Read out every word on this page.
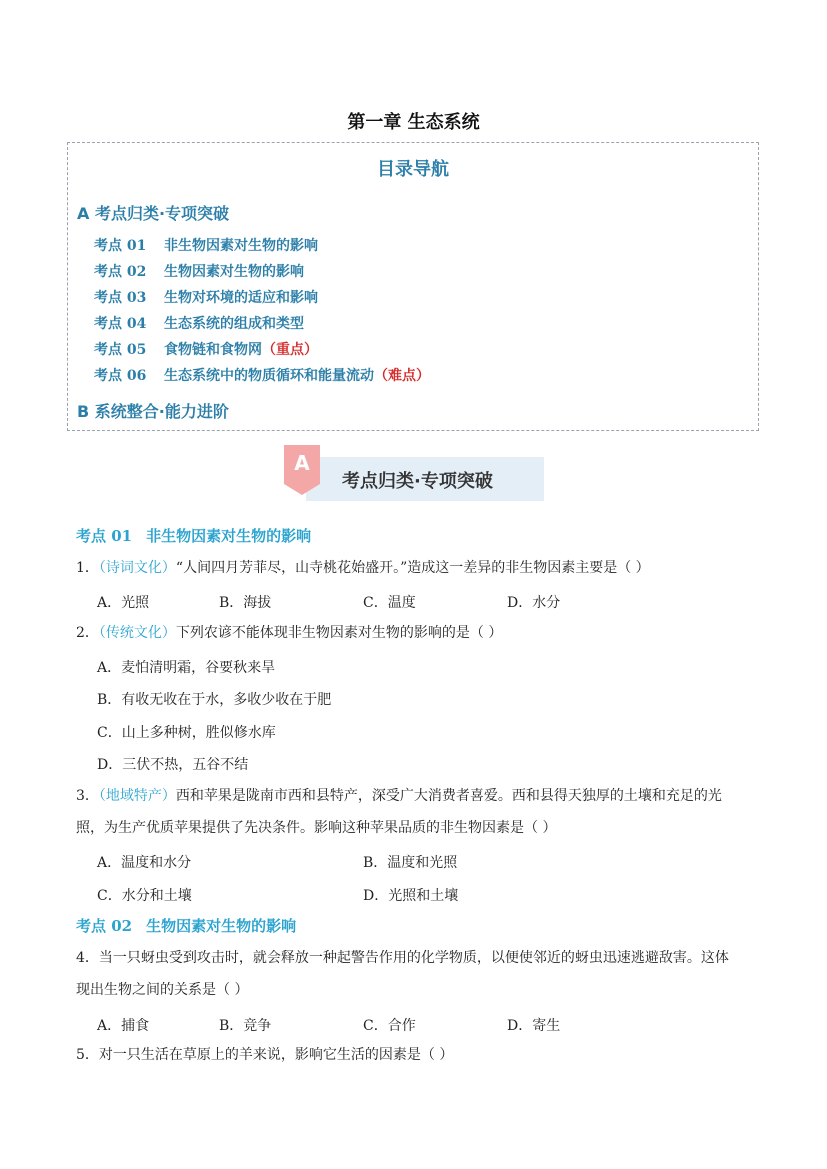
第一章 生态系统
目录导航
A 考点归类·专项突破
考点 01 非生物因素对生物的影响
考点 02 生物因素对生物的影响
考点 03 生物对环境的适应和影响
考点 04 生态系统的组成和类型
考点 05 食物链和食物网（重点）
考点 06 生态系统中的物质循环和能量流动（难点）
B 系统整合·能力进阶
A
考点归类·专项突破
考点 01 非生物因素对生物的影响
1．（诗词文化）“人间四月芳菲尽，山寺桃花始盛开。”造成这一差异的非生物因素主要是（ ）
A．光照	B．海拔	C．温度	D．水分
2．（传统文化）下列农谚不能体现非生物因素对生物的影响的是（ ）
A．麦怕清明霜，谷要秋来旱
B．有收无收在于水，多收少收在于肥
C．山上多种树，胜似修水库
D．三伏不热，五谷不结
3．（地域特产）西和苹果是陇南市西和县特产，深受广大消费者喜爱。西和县得天独厚的土壤和充足的光
照，为生产优质苹果提供了先决条件。影响这种苹果品质的非生物因素是（ ）
A．温度和水分	B．温度和光照
C．水分和土壤	D．光照和土壤
考点 02 生物因素对生物的影响
4．当一只蚜虫受到攻击时，就会释放一种起警告作用的化学物质，以便使邻近的蚜虫迅速逃避敌害。这体
现出生物之间的关系是（ ）
A．捕食	B．竞争	C．合作	D．寄生
5．对一只生活在草原上的羊来说，影响它生活的因素是（ ）
